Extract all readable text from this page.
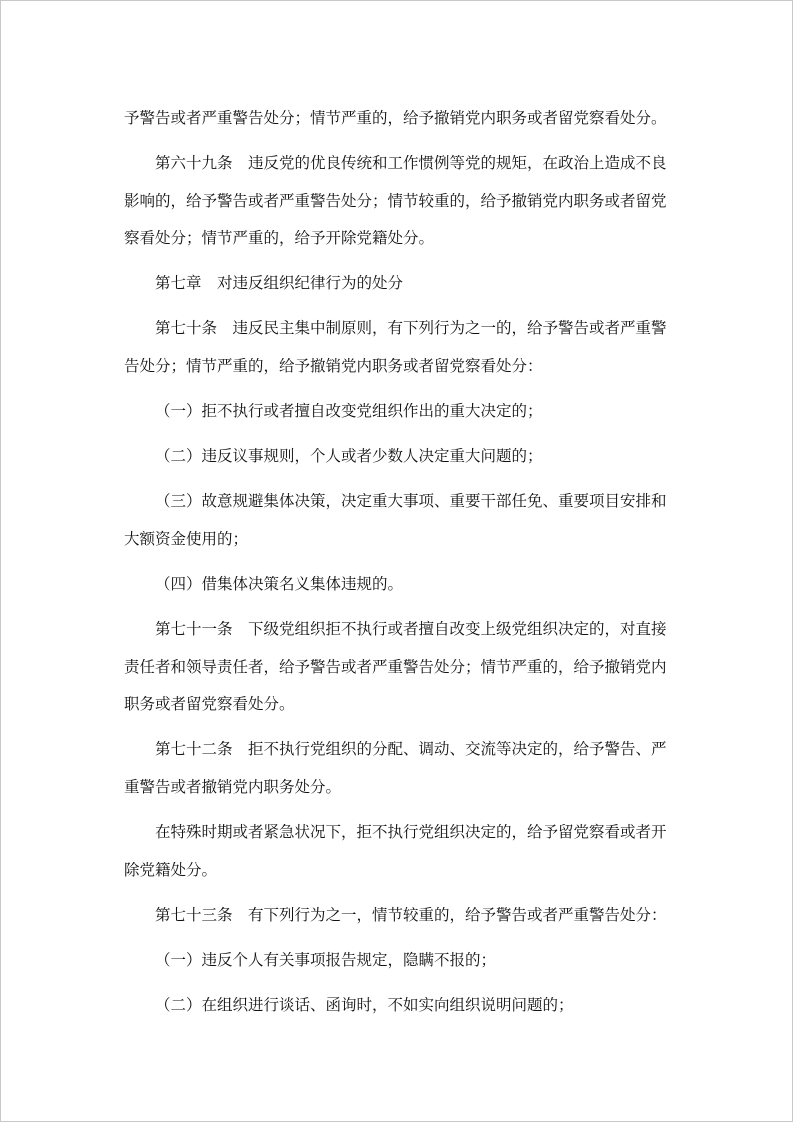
予警告或者严重警告处分；情节严重的，给予撤销党内职务或者留党察看处分。
第六十九条　违反党的优良传统和工作惯例等党的规矩，在政治上造成不良
影响的，给予警告或者严重警告处分；情节较重的，给予撤销党内职务或者留党
察看处分；情节严重的，给予开除党籍处分。
第七章　对违反组织纪律行为的处分
第七十条　违反民主集中制原则，有下列行为之一的，给予警告或者严重警
告处分；情节严重的，给予撤销党内职务或者留党察看处分：
（一）拒不执行或者擅自改变党组织作出的重大决定的；
（二）违反议事规则，个人或者少数人决定重大问题的；
（三）故意规避集体决策，决定重大事项、重要干部任免、重要项目安排和
大额资金使用的；
（四）借集体决策名义集体违规的。
第七十一条　下级党组织拒不执行或者擅自改变上级党组织决定的，对直接
责任者和领导责任者，给予警告或者严重警告处分；情节严重的，给予撤销党内
职务或者留党察看处分。
第七十二条　拒不执行党组织的分配、调动、交流等决定的，给予警告、严
重警告或者撤销党内职务处分。
在特殊时期或者紧急状况下，拒不执行党组织决定的，给予留党察看或者开
除党籍处分。
第七十三条　有下列行为之一，情节较重的，给予警告或者严重警告处分：
（一）违反个人有关事项报告规定，隐瞒不报的；
（二）在组织进行谈话、函询时，不如实向组织说明问题的；
